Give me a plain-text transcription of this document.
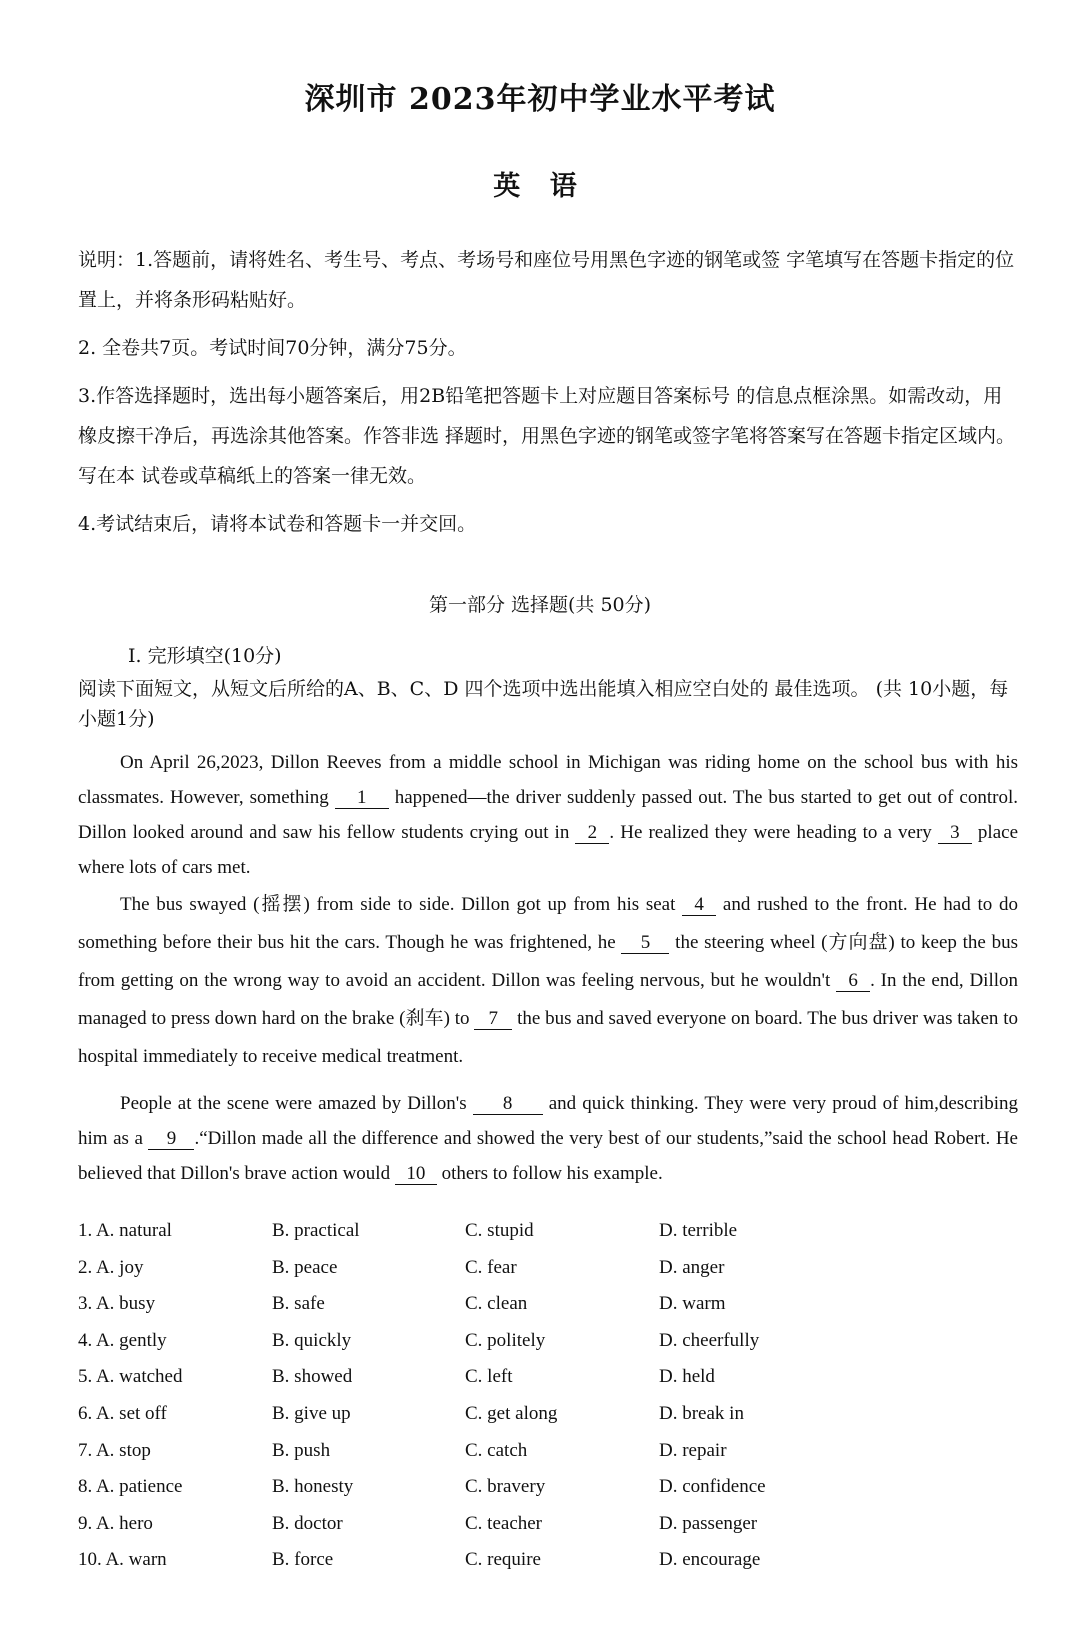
深圳市 2023年初中学业水平考试
英 语

说明：1.答题前，请将姓名、考生号、考点、考场号和座位号用黑色字迹的钢笔或签 字笔填写在答题卡指定的位置上，并将条形码粘贴好。

2. 全卷共7页。考试时间70分钟，满分75分。

3.作答选择题时，选出每小题答案后，用2B铅笔把答题卡上对应题目答案标号 的信息点框涂黑。如需改动，用橡皮擦干净后，再选涂其他答案。作答非选 择题时，用黑色字迹的钢笔或签字笔将答案写在答题卡指定区域内。写在本 试卷或草稿纸上的答案一律无效。

4.考试结束后，请将本试卷和答题卡一并交回。

第一部分 选择题(共 50分)
I. 完形填空(10分)
阅读下面短文，从短文后所给的A、B、C、D 四个选项中选出能填入相应空白处的 最佳选项。 (共 10小题，每小题1分)

On April 26,2023, Dillon Reeves from a middle school in Michigan was riding home on the school bus with his classmates. However, something 1 happened—the driver suddenly passed out. The bus started to get out of control. Dillon looked around and saw his fellow students crying out in 2 . He realized they were heading to a very 3 place where lots of cars met.

The bus swayed (摇摆) from side to side. Dillon got up from his seat 4 and rushed to the front. He had to do something before their bus hit the cars. Though he was frightened, he 5 the steering wheel (方向盘) to keep the bus from getting on the wrong way to avoid an accident. Dillon was feeling nervous, but he wouldn't 6 . In the end, Dillon managed to press down hard on the brake (刹车) to 7 the bus and saved everyone on board. The bus driver was taken to hospital immediately to receive medical treatment.

People at the scene were amazed by Dillon's 8 and quick thinking. They were very proud of him,describing him as a 9 .“Dillon made all the difference and showed the very best of our students,”said the school head Robert. He believed that Dillon's brave action would 10 others to follow his example.

1. A. natural	B. practical	C. stupid	D. terrible
2. A. joy	B. peace	C. fear	D. anger
3. A. busy	B. safe	C. clean	D. warm
4. A. gently	B. quickly	C. politely	D. cheerfully
5. A. watched	B. showed	C. left	D. held
6. A. set off	B. give up	C. get along	D. break in
7. A. stop	B. push	C. catch	D. repair
8. A. patience	B. honesty	C. bravery	D. confidence
9. A. hero	B. doctor	C. teacher	D. passenger
10. A. warn	B. force	C. require	D. encourage
